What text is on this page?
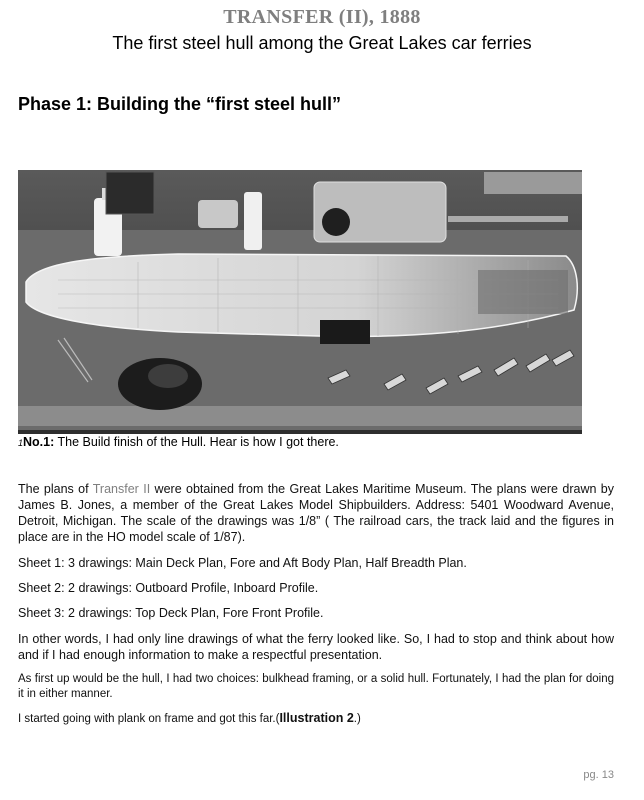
TRANSFER (II), 1888
The first steel hull among the Great Lakes car ferries
Phase 1: Building the “first steel hull”
1No.1: The Build finish of the Hull. Hear is how I got there.
The plans of Transfer II were obtained from the Great Lakes Maritime Museum. The plans were drawn by James B. Jones, a member of the Great Lakes Model Shipbuilders. Address: 5401 Woodward Avenue, Detroit, Michigan. The scale of the drawings was 1/8” ( The railroad cars, the track laid and the figures in place are in the HO model scale of 1/87).
Sheet 1: 3 drawings: Main Deck Plan, Fore and Aft Body Plan, Half Breadth Plan.
Sheet 2: 2 drawings: Outboard Profile, Inboard Profile.
Sheet 3: 2 drawings: Top Deck Plan, Fore Front Profile.
In other words, I had only line drawings of what the ferry looked like. So, I had to stop and think about how and if I had enough information to make a respectful presentation.
As first up would be the hull, I had two choices: bulkhead framing, or a solid hull. Fortunately, I had the plan for doing it in either manner.
I started going with plank on frame and got this far.(Illustration 2.)
pg. 13
